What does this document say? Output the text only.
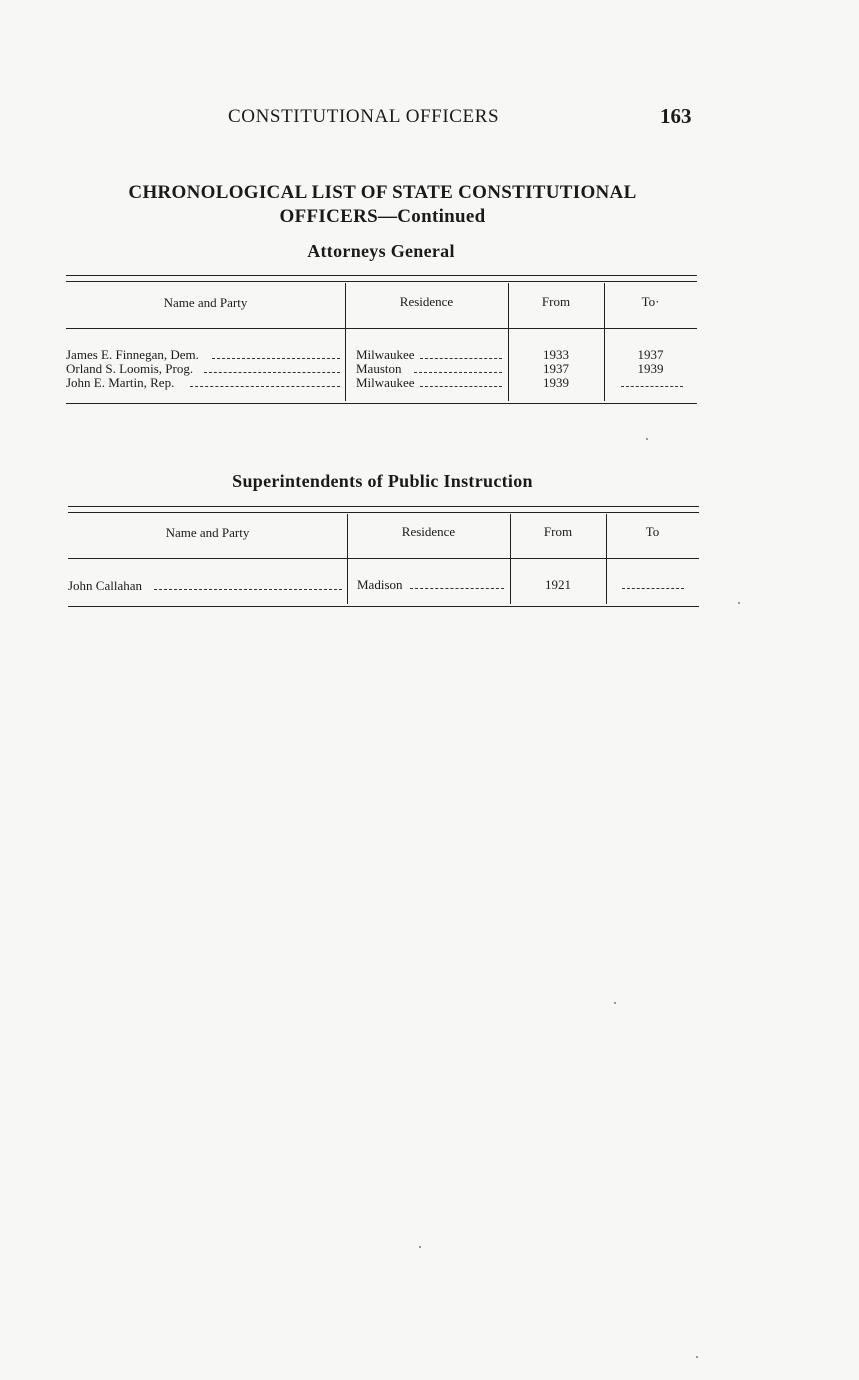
CONSTITUTIONAL OFFICERS	163
CHRONOLOGICAL LIST OF STATE CONSTITUTIONAL
OFFICERS—Continued
Attorneys General
Name and Party	Residence	From	To·
James E. Finnegan, Dem.	Milwaukee	1933	1937
Orland S. Loomis, Prog.	Mauston	1937	1939
John E. Martin, Rep.	Milwaukee	1939
Superintendents of Public Instruction
Name and Party	Residence	From	To
John Callahan	Madison	1921
